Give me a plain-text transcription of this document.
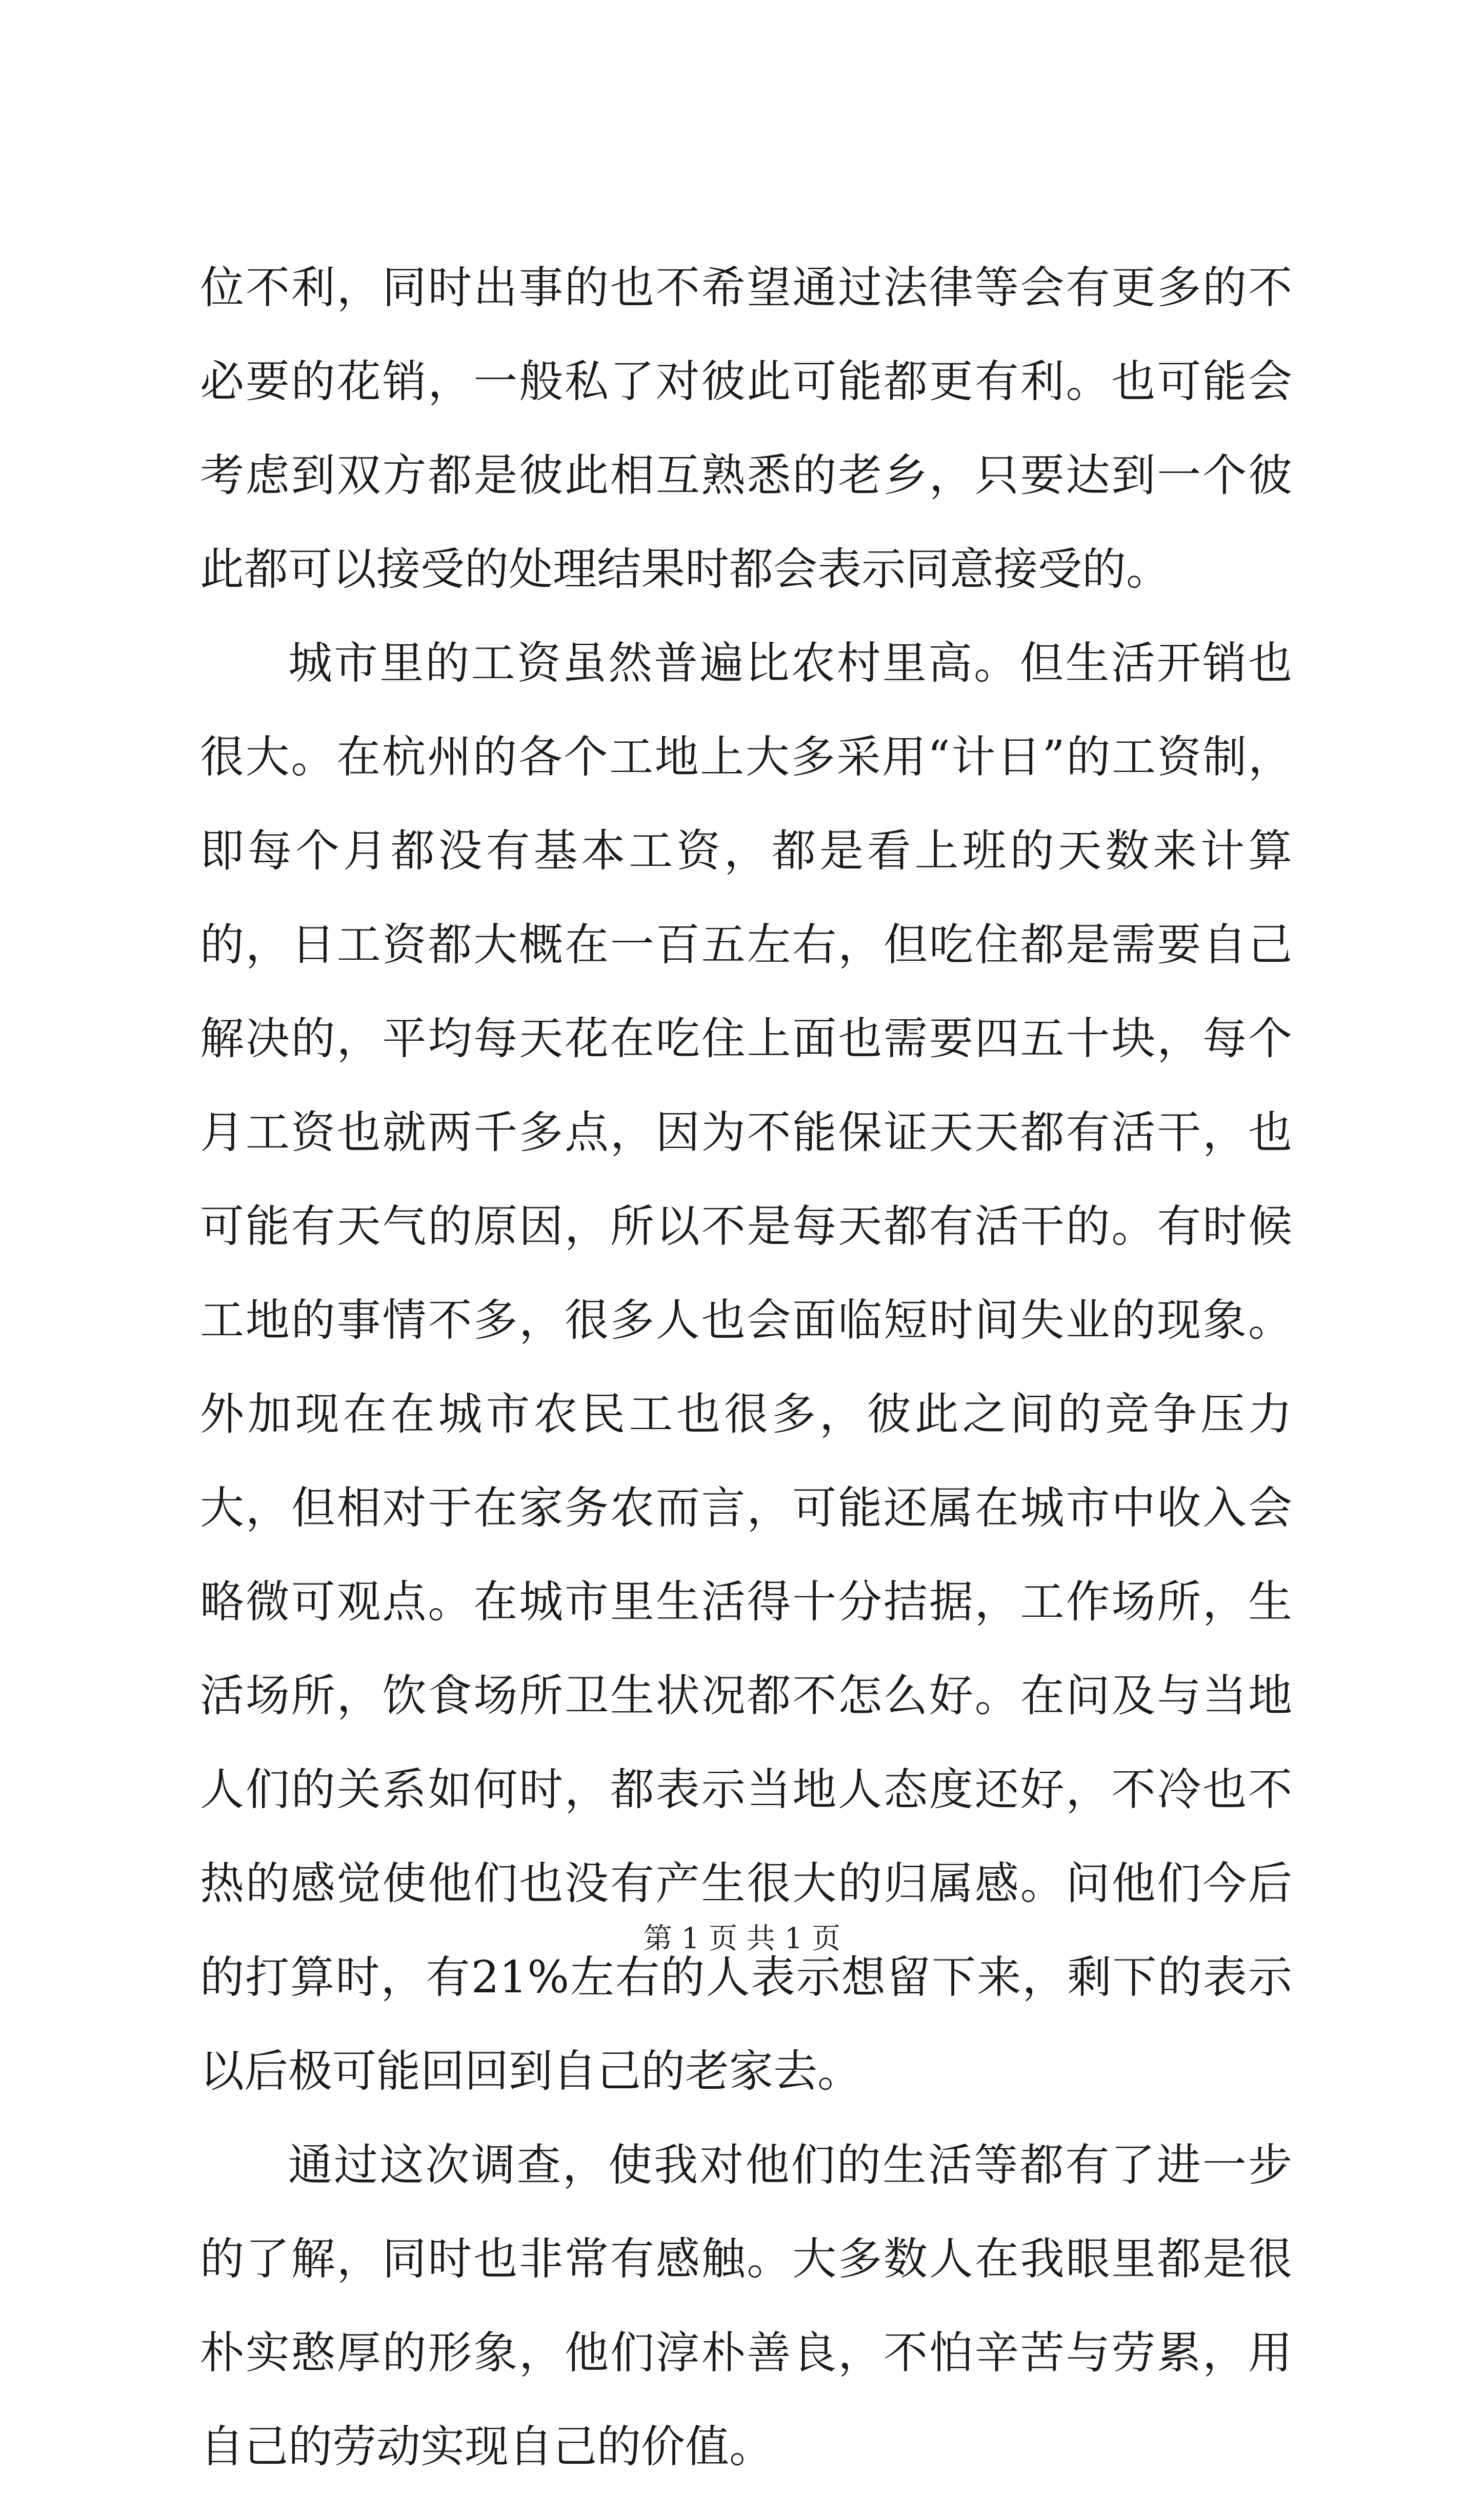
位不利，同时出事的也不希望通过法律等会有更多的不必要的花销，一般私了对彼此可能都更有利。也可能会考虑到双方都是彼此相互熟悉的老乡，只要达到一个彼此都可以接受的处理结果时都会表示同意接受的。

城市里的工资虽然普遍比农村里高。但生活开销也很大。在杭州的各个工地上大多采用“计日”的工资制，即每个月都没有基本工资，都是看上班的天数来计算的，日工资都大概在一百五左右，但吃住都是需要自己解决的，平均每天花在吃住上面也需要四五十块，每个月工资也就两千多点，因为不能保证天天都有活干，也可能有天气的原因，所以不是每天都有活干的。有时候工地的事情不多，很多人也会面临短时间失业的现象。外加现在在城市农民工也很多，彼此之间的竞争压力大，但相对于在家务农而言，可能还属在城市中收入会略微可观点。在城市里生活得十分拮据，工作场所，生活场所，饮食场所卫生状况都不怎么好。在问及与当地人们的关系如何时，都表示当地人态度还好，不冷也不热的感觉使他们也没有产生很大的归属感。问他们今后的打算时，有21%左右的人表示想留下来，剩下的表示以后极可能回回到自己的老家去。

通过这次调查，使我对他们的生活等都有了进一步的了解，同时也非常有感触。大多数人在我眼里都是很朴实憨厚的形象，他们淳朴善良，不怕辛苦与劳累，用自己的劳动实现自己的价值。

第 1 页 共 1 页
